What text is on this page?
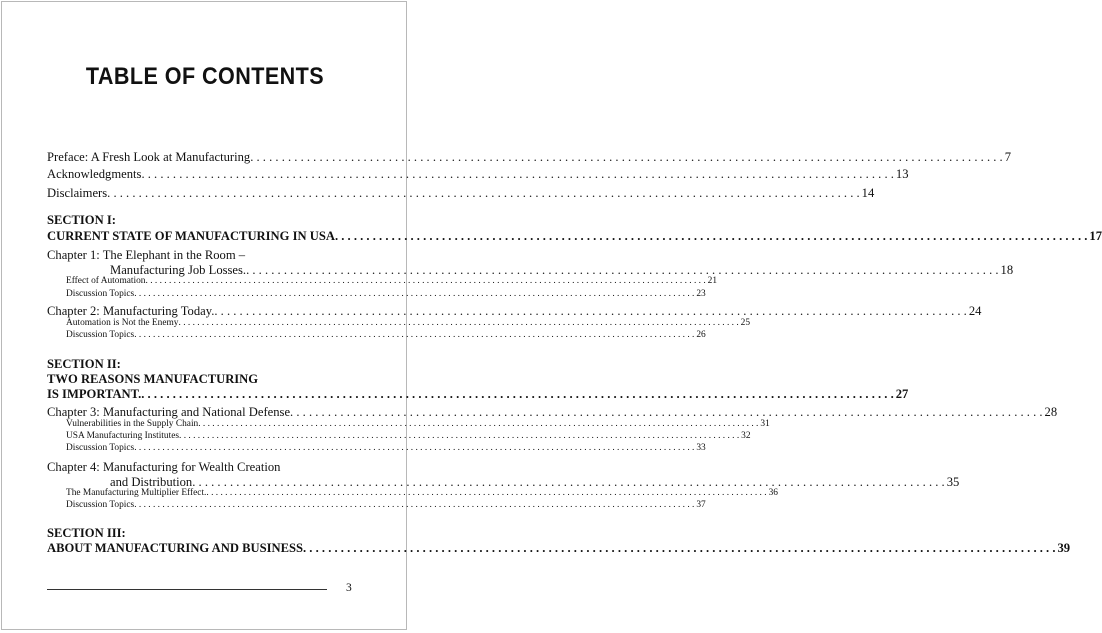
TABLE OF CONTENTS
Preface: A Fresh Look at Manufacturing . . . . . . . . . . . . . . . . . . . . . . . . . . . . . . . . . . . . . . . . . . . . . . . . . . . . . . . . . . . . . . . . . . . . . . . . . . . . . . . . . . . . . . . . . . . . . . . . . . . . . . . . . . . . . . . . . . . . . . . . 7
Acknowledgments . . . . . . . . . . . . . . . . . . . . . . . . . . . . . . . . . . . . . . . . . . . . . . . . . . . . . . . . . . . . . . . . . . . . . . . . . . . . . . . . . . . . . . . . . . . . . . . . . . . . . . . . . . . . . . . . . . . . . . . . 13
Disclaimers . . . . . . . . . . . . . . . . . . . . . . . . . . . . . . . . . . . . . . . . . . . . . . . . . . . . . . . . . . . . . . . . . . . . . . . . . . . . . . . . . . . . . . . . . . . . . . . . . . . . . . . . . . . . . . . . . . . . . . . . 14
SECTION I:
CURRENT STATE OF MANUFACTURING IN USA . . . . . . . . . . . . . . . . . . . . . . . . . . . . . . . . . . . . . . . . . . . . . . . . . . . . . . . . . . . . . . . . . . . . . . . . . . . . . . . . . . . . . . . . . . . . . . . . . . . . . . . . . . . . . . . . . . . . . . . . 17
Chapter 1: The Elephant in the Room –
Manufacturing Job Losses. . . . . . . . . . . . . . . . . . . . . . . . . . . . . . . . . . . . . . . . . . . . . . . . . . . . . . . . . . . . . . . . . . . . . . . . . . . . . . . . . . . . . . . . . . . . . . . . . . . . . . . . . . . . . . . . . . . . . . . . . 18
Effect of Automation . . . . . . . . . . . . . . . . . . . . . . . . . . . . . . . . . . . . . . . . . . . . . . . . . . . . . . . . . . . . . . . . . . . . . . . . . . . . . . . . . . . . . . . . . . . . . . . . . . . . . . . . . . . . . . . . . . . . . . . . 21
Discussion Topics . . . . . . . . . . . . . . . . . . . . . . . . . . . . . . . . . . . . . . . . . . . . . . . . . . . . . . . . . . . . . . . . . . . . . . . . . . . . . . . . . . . . . . . . . . . . . . . . . . . . . . . . . . . . . . . . . . . . . . . . 23
Chapter 2: Manufacturing Today. . . . . . . . . . . . . . . . . . . . . . . . . . . . . . . . . . . . . . . . . . . . . . . . . . . . . . . . . . . . . . . . . . . . . . . . . . . . . . . . . . . . . . . . . . . . . . . . . . . . . . . . . . . . . . . . . . . . . . . . . 24
Automation is Not the Enemy . . . . . . . . . . . . . . . . . . . . . . . . . . . . . . . . . . . . . . . . . . . . . . . . . . . . . . . . . . . . . . . . . . . . . . . . . . . . . . . . . . . . . . . . . . . . . . . . . . . . . . . . . . . . . . . . . . . . . . . . 25
Discussion Topics . . . . . . . . . . . . . . . . . . . . . . . . . . . . . . . . . . . . . . . . . . . . . . . . . . . . . . . . . . . . . . . . . . . . . . . . . . . . . . . . . . . . . . . . . . . . . . . . . . . . . . . . . . . . . . . . . . . . . . . . 26
SECTION II:
TWO REASONS MANUFACTURING
IS IMPORTANT. . . . . . . . . . . . . . . . . . . . . . . . . . . . . . . . . . . . . . . . . . . . . . . . . . . . . . . . . . . . . . . . . . . . . . . . . . . . . . . . . . . . . . . . . . . . . . . . . . . . . . . . . . . . . . . . . . . . . . . . . 27
Chapter 3: Manufacturing and National Defense . . . . . . . . . . . . . . . . . . . . . . . . . . . . . . . . . . . . . . . . . . . . . . . . . . . . . . . . . . . . . . . . . . . . . . . . . . . . . . . . . . . . . . . . . . . . . . . . . . . . . . . . . . . . . . . . . . . . . . . . 28
Vulnerabilities in the Supply Chain . . . . . . . . . . . . . . . . . . . . . . . . . . . . . . . . . . . . . . . . . . . . . . . . . . . . . . . . . . . . . . . . . . . . . . . . . . . . . . . . . . . . . . . . . . . . . . . . . . . . . . . . . . . . . . . . . . . . . . . . 31
USA Manufacturing Institutes . . . . . . . . . . . . . . . . . . . . . . . . . . . . . . . . . . . . . . . . . . . . . . . . . . . . . . . . . . . . . . . . . . . . . . . . . . . . . . . . . . . . . . . . . . . . . . . . . . . . . . . . . . . . . . . . . . . . . . . . 32
Discussion Topics . . . . . . . . . . . . . . . . . . . . . . . . . . . . . . . . . . . . . . . . . . . . . . . . . . . . . . . . . . . . . . . . . . . . . . . . . . . . . . . . . . . . . . . . . . . . . . . . . . . . . . . . . . . . . . . . . . . . . . . . 33
Chapter 4: Manufacturing for Wealth Creation
and Distribution . . . . . . . . . . . . . . . . . . . . . . . . . . . . . . . . . . . . . . . . . . . . . . . . . . . . . . . . . . . . . . . . . . . . . . . . . . . . . . . . . . . . . . . . . . . . . . . . . . . . . . . . . . . . . . . . . . . . . . . . 35
The Manufacturing Multiplier Effect. . . . . . . . . . . . . . . . . . . . . . . . . . . . . . . . . . . . . . . . . . . . . . . . . . . . . . . . . . . . . . . . . . . . . . . . . . . . . . . . . . . . . . . . . . . . . . . . . . . . . . . . . . . . . . . . . . . . . . . . . 36
Discussion Topics . . . . . . . . . . . . . . . . . . . . . . . . . . . . . . . . . . . . . . . . . . . . . . . . . . . . . . . . . . . . . . . . . . . . . . . . . . . . . . . . . . . . . . . . . . . . . . . . . . . . . . . . . . . . . . . . . . . . . . . . 37
SECTION III:
ABOUT MANUFACTURING AND BUSINESS . . . . . . . . . . . . . . . . . . . . . . . . . . . . . . . . . . . . . . . . . . . . . . . . . . . . . . . . . . . . . . . . . . . . . . . . . . . . . . . . . . . . . . . . . . . . . . . . . . . . . . . . . . . . . . . . . . . . . . . . 39
3
